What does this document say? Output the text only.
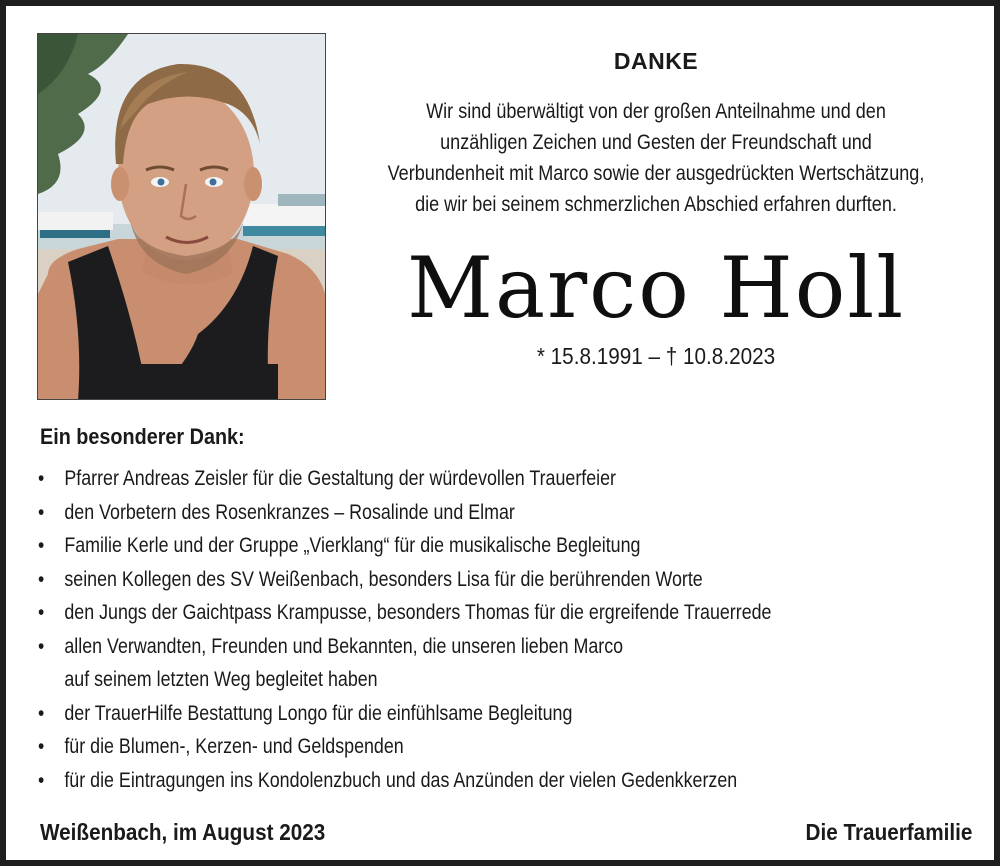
DANKE
Wir sind überwältigt von der großen Anteilnahme und den
unzähligen Zeichen und Gesten der Freundschaft und
Verbundenheit mit Marco sowie der ausgedrückten Wertschätzung,
die wir bei seinem schmerzlichen Abschied erfahren durften.
Marco Holl
* 15.8.1991 – † 10.8.2023
Ein besonderer Dank:
• Pfarrer Andreas Zeisler für die Gestaltung der würdevollen Trauerfeier
• den Vorbetern des Rosenkranzes – Rosalinde und Elmar
• Familie Kerle und der Gruppe „Vierklang“ für die musikalische Begleitung
• seinen Kollegen des SV Weißenbach, besonders Lisa für die berührenden Worte
• den Jungs der Gaichtpass Krampusse, besonders Thomas für die ergreifende Trauerrede
• allen Verwandten, Freunden und Bekannten, die unseren lieben Marco
auf seinem letzten Weg begleitet haben
• der TrauerHilfe Bestattung Longo für die einfühlsame Begleitung
• für die Blumen-, Kerzen- und Geldspenden
• für die Eintragungen ins Kondolenzbuch und das Anzünden der vielen Gedenkkerzen
Weißenbach, im August 2023	Die Trauerfamilie
